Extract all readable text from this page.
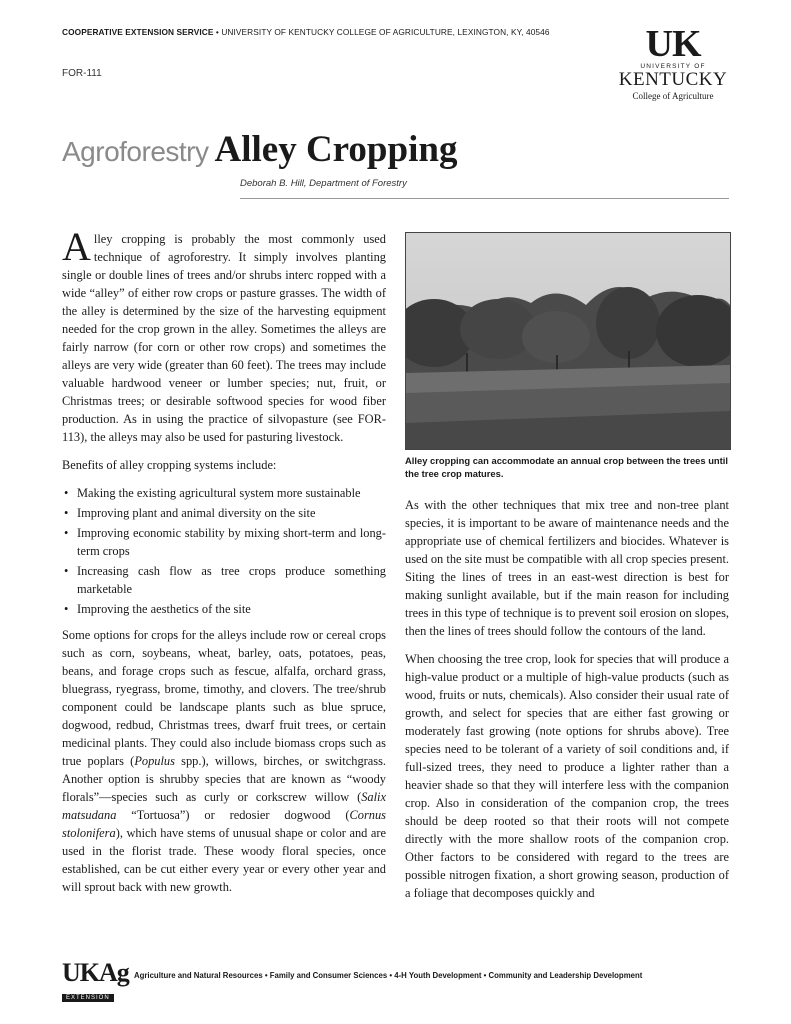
COOPERATIVE EXTENSION SERVICE • UNIVERSITY OF KENTUCKY COLLEGE OF AGRICULTURE, LEXINGTON, KY, 40546
FOR-111
UK
UNIVERSITY OF
KENTUCKY
College of Agriculture
Agroforestry Alley Cropping
Deborah B. Hill, Department of Forestry

Alley cropping is probably the most commonly used technique of agroforestry. It simply involves planting single or double lines of trees and/or shrubs interc ropped with a wide “alley” of either row crops or pasture grasses. The width of the alley is determined by the size of the harvesting equipment needed for the crop grown in the alley. Sometimes the alleys are fairly narrow (for corn or other row crops) and sometimes the alleys are very wide (greater than 60 feet). The trees may include valuable hardwood veneer or lumber species; nut, fruit, or Christmas trees; or desirable softwood species for wood fiber production. As in using the practice of silvopasture (see FOR-113), the alleys may also be used for pasturing livestock.

Benefits of alley cropping systems include:

• Making the existing agricultural system more sustainable
• Improving plant and animal diversity on the site
• Improving economic stability by mixing short-term and long-term crops
• Increasing cash flow as tree crops produce something marketable
• Improving the aesthetics of the site

Some options for crops for the alleys include row or cereal crops such as corn, soybeans, wheat, barley, oats, potatoes, peas, beans, and forage crops such as fescue, alfalfa, orchard grass, bluegrass, ryegrass, brome, timothy, and clovers. The tree/shrub component could be landscape plants such as blue spruce, dogwood, redbud, Christmas trees, dwarf fruit trees, or certain medicinal plants. They could also include biomass crops such as true poplars (Populus spp.), willows, birches, or switchgrass. Another option is shrubby species that are known as “woody florals”—species such as curly or corkscrew willow (Salix matsudana “Tortuosa”) or redosier dogwood (Cornus stolonifera), which have stems of unusual shape or color and are used in the florist trade. These woody floral species, once established, can be cut either every year or every other year and will sprout back with new growth.

Alley cropping can accommodate an annual crop between the trees until the tree crop matures.

As with the other techniques that mix tree and non-tree plant species, it is important to be aware of maintenance needs and the appropriate use of chemical fertilizers and biocides. Whatever is used on the site must be compatible with all crop species present. Siting the lines of trees in an east-west direction is best for making sunlight available, but if the main reason for including trees in this type of technique is to prevent soil erosion on slopes, then the lines of trees should follow the contours of the land.

When choosing the tree crop, look for species that will produce a high-value product or a multiple of high-value products (such as wood, fruits or nuts, chemicals). Also consider their usual rate of growth, and select for species that are either fast growing or moderately fast growing (note options for shrubs above). Tree species need to be tolerant of a variety of soil conditions and, if full-sized trees, they need to produce a lighter rather than a heavier shade so that they will interfere less with the companion crop. Also in consideration of the companion crop, the trees should be deep rooted so that their roots will not compete directly with the more shallow roots of the companion crop. Other factors to be considered with regard to the trees are possible nitrogen fixation, a short growing season, production of a foliage that decomposes quickly and

UKAg
EXTENSION
Agriculture and Natural Resources • Family and Consumer Sciences • 4-H Youth Development • Community and Leadership Development
